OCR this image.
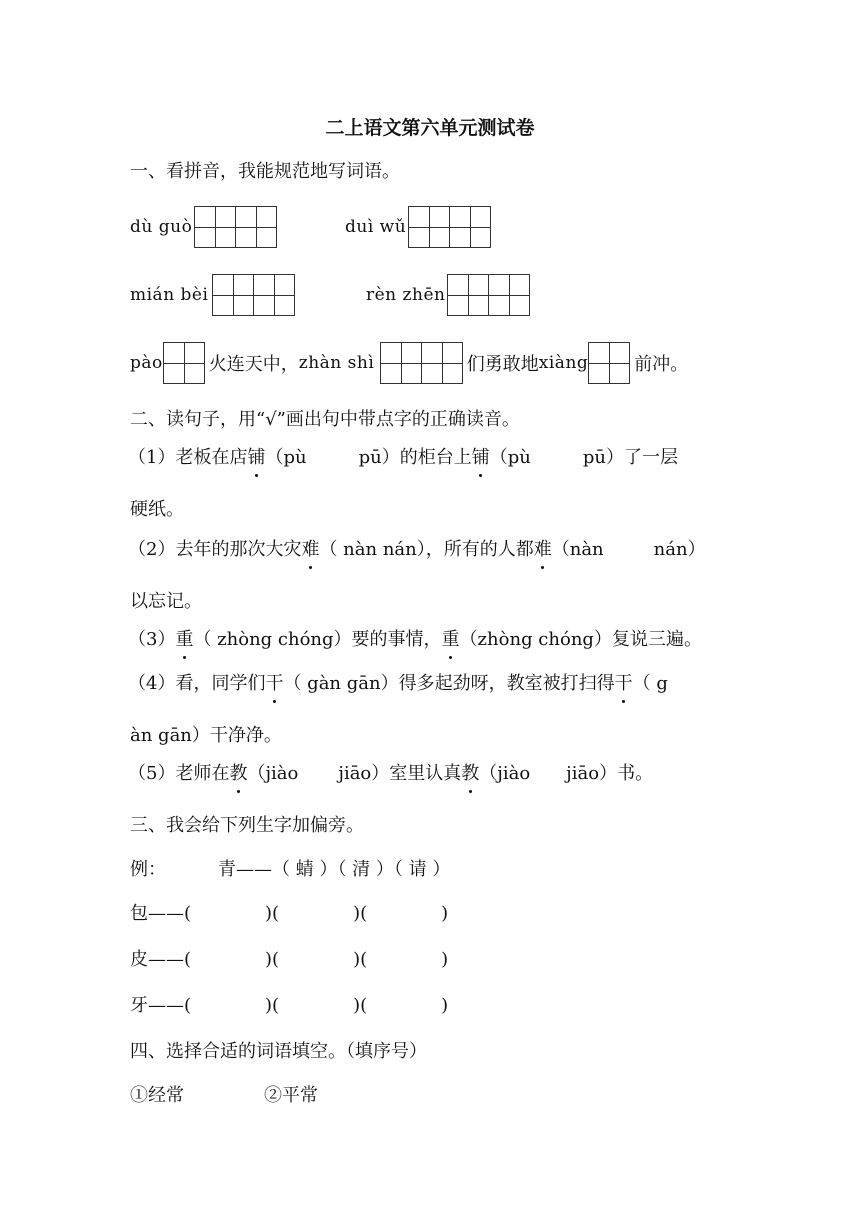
二上语文第六单元测试卷
一、看拼音，我能规范地写词语。
dù guò	duì wǔ
mián bèi	rèn zhēn
pào	火连天中， zhàn shì	们勇敢地 xiàng	前冲。
二、读句子，用“√”画出句中带点字的正确读音。
（1）老板在店铺（pù	pū）的柜台上铺（pù	pū）了一层
硬纸。
（2）去年的那次大灾难（ nàn nán），所有的人都难（nàn	nán）
以忘记。
（3）重（ zhòng chóng）要的事情，重（zhòng chóng）复说三遍。
（4）看，同学们干（ gàn gān）得多起劲呀，教室被打扫得干（ g
àn gān）干净净。
（5）老师在教（jiào jiāo）室里认真教（jiào jiāo）书。
三、我会给下列生字加偏旁。
例：	青——（ 蜻 ）（ 清 ）（ 请 ）
包——(	)(	)(	)
皮——(	)(	)(	)
牙——(	)(	)(	)
四、选择合适的词语填空。（填序号）
①经常	②平常
